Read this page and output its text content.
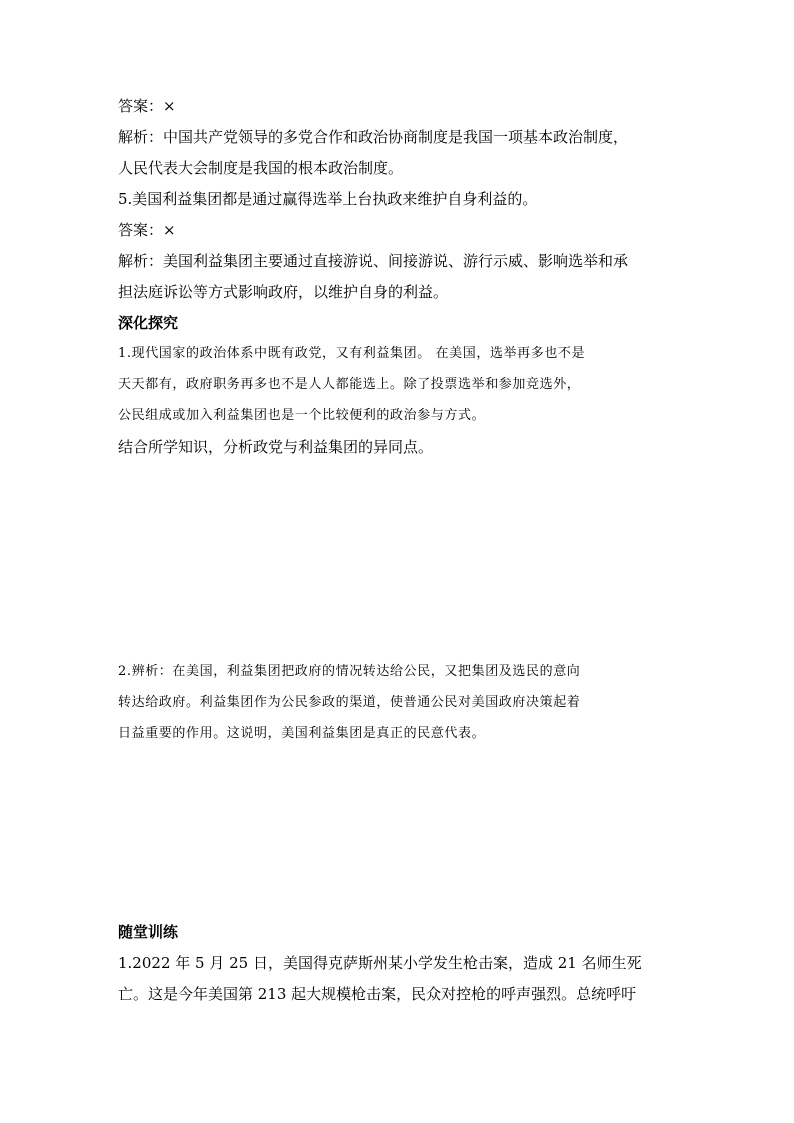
答案：×
解析：中国共产党领导的多党合作和政治协商制度是我国一项基本政治制度，
人民代表大会制度是我国的根本政治制度。
5.美国利益集团都是通过赢得选举上台执政来维护自身利益的。
答案：×
解析：美国利益集团主要通过直接游说、间接游说、游行示威、影响选举和承
担法庭诉讼等方式影响政府，以维护自身的利益。
深化探究
1.现代国家的政治体系中既有政党，又有利益集团。 在美国，选举再多也不是
天天都有，政府职务再多也不是人人都能选上。除了投票选举和参加竞选外，
公民组成或加入利益集团也是一个比较便利的政治参与方式。
结合所学知识，分析政党与利益集团的异同点。
2.辨析：在美国，利益集团把政府的情况转达给公民，又把集团及选民的意向
转达给政府。利益集团作为公民参政的渠道，使普通公民对美国政府决策起着
日益重要的作用。这说明，美国利益集团是真正的民意代表。
随堂训练
1.2022 年 5 月 25 日，美国得克萨斯州某小学发生枪击案，造成 21 名师生死
亡。这是今年美国第 213 起大规模枪击案，民众对控枪的呼声强烈。总统呼吁
